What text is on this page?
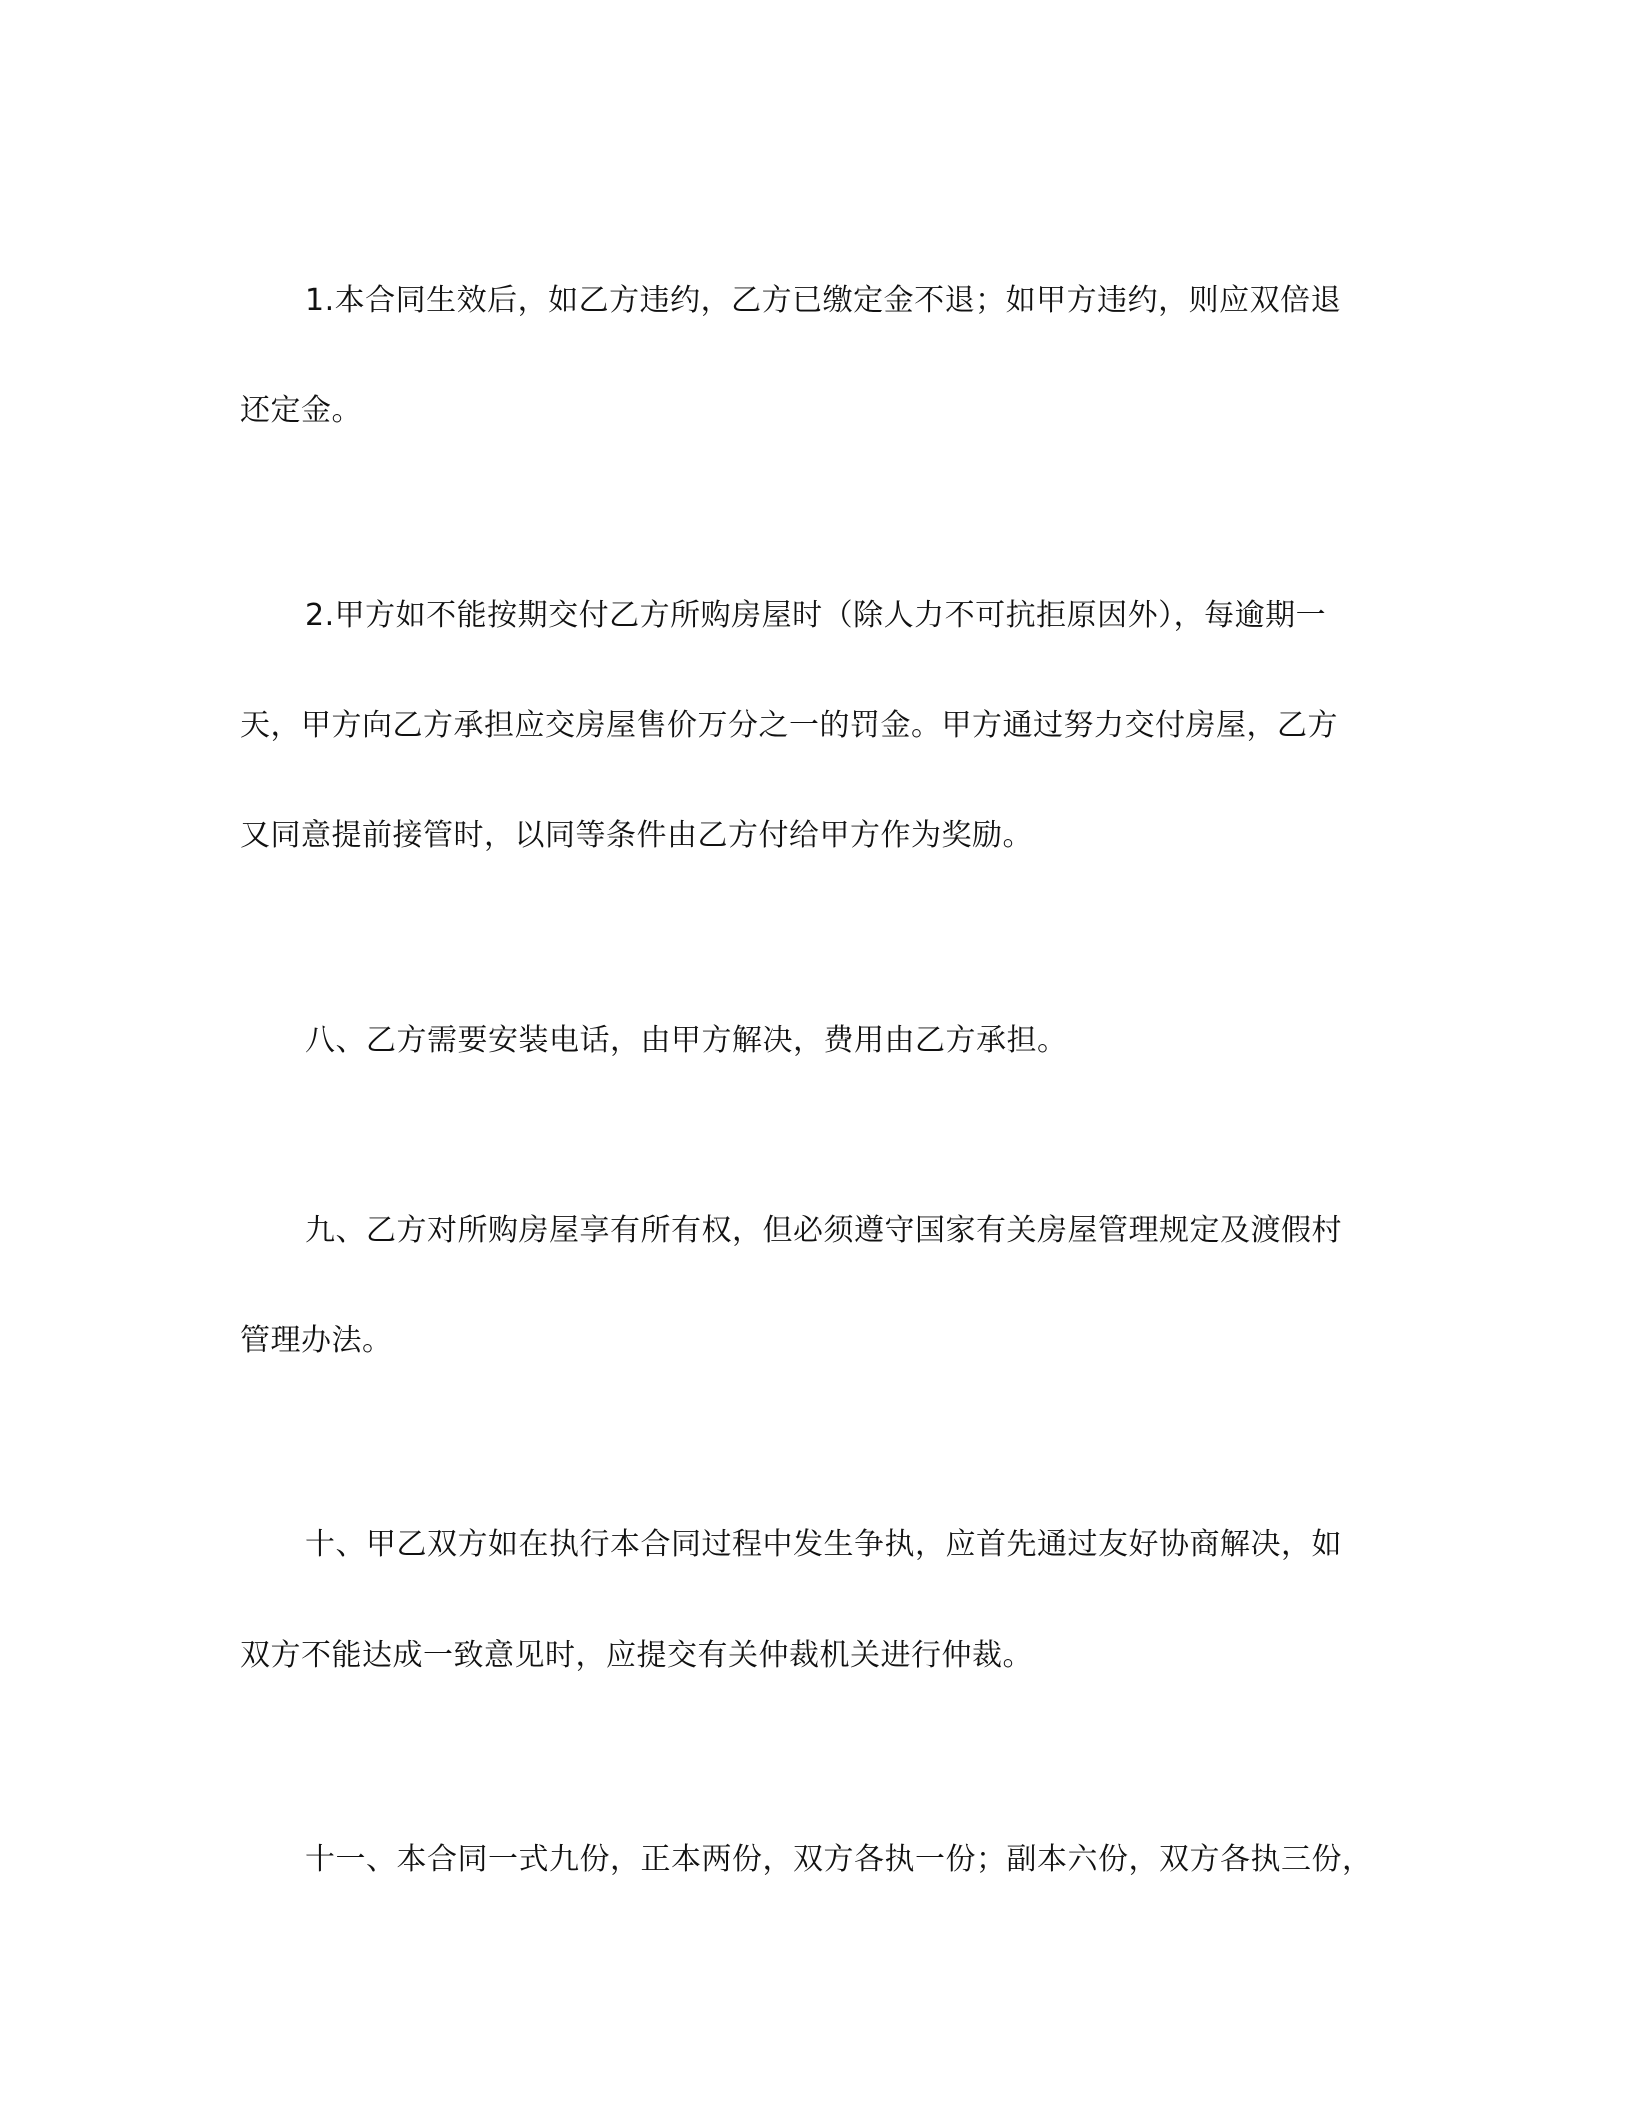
1.本合同生效后，如乙方违约，乙方已缴定金不退；如甲方违约，则应双倍退
还定金。
2.甲方如不能按期交付乙方所购房屋时（除人力不可抗拒原因外），每逾期一
天，甲方向乙方承担应交房屋售价万分之一的罚金。甲方通过努力交付房屋，乙方
又同意提前接管时，以同等条件由乙方付给甲方作为奖励。
八、乙方需要安装电话，由甲方解决，费用由乙方承担。
九、乙方对所购房屋享有所有权，但必须遵守国家有关房屋管理规定及渡假村
管理办法。
十、甲乙双方如在执行本合同过程中发生争执，应首先通过友好协商解决，如
双方不能达成一致意见时，应提交有关仲裁机关进行仲裁。
十一、本合同一式九份，正本两份，双方各执一份；副本六份，双方各执三份，
